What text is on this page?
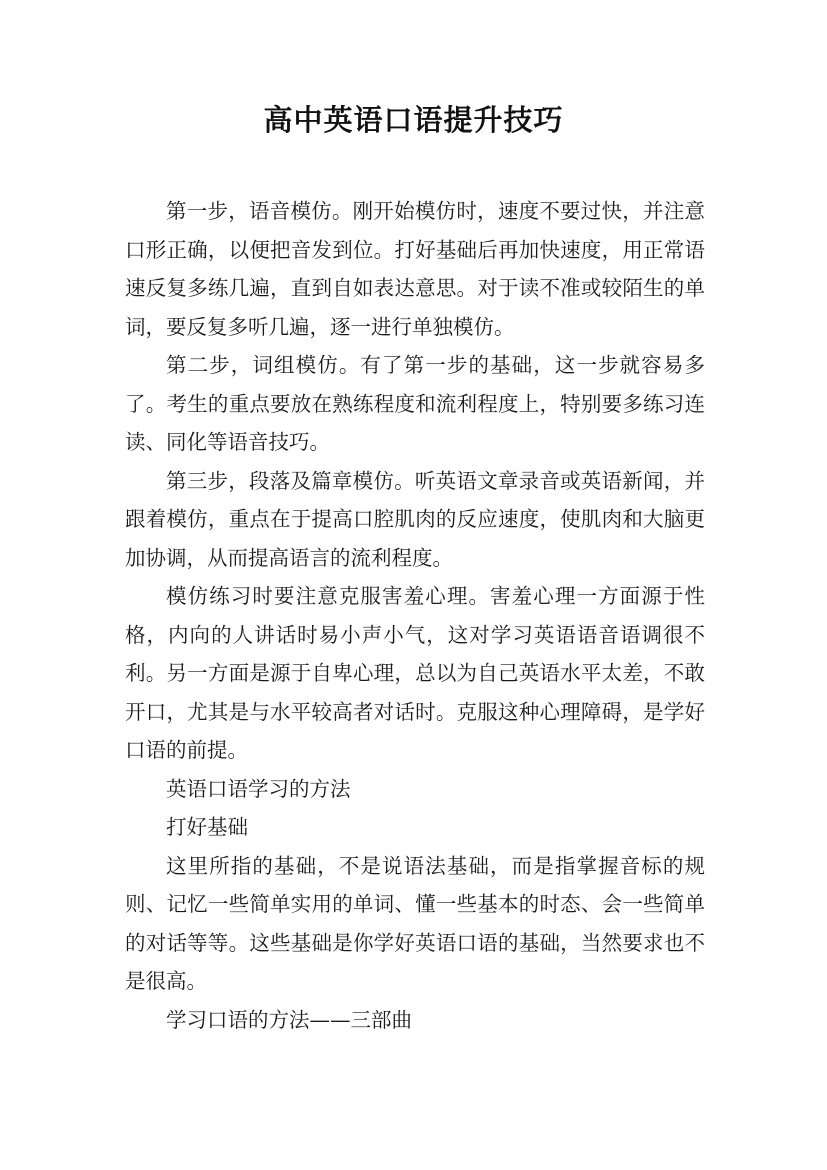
高中英语口语提升技巧

第一步，语音模仿。刚开始模仿时，速度不要过快，并注意口形正确，以便把音发到位。打好基础后再加快速度，用正常语速反复多练几遍，直到自如表达意思。对于读不准或较陌生的单词，要反复多听几遍，逐一进行单独模仿。

第二步，词组模仿。有了第一步的基础，这一步就容易多了。考生的重点要放在熟练程度和流利程度上，特别要多练习连读、同化等语音技巧。

第三步，段落及篇章模仿。听英语文章录音或英语新闻，并跟着模仿，重点在于提高口腔肌肉的反应速度，使肌肉和大脑更加协调，从而提高语言的流利程度。

模仿练习时要注意克服害羞心理。害羞心理一方面源于性格，内向的人讲话时易小声小气，这对学习英语语音语调很不利。另一方面是源于自卑心理，总以为自己英语水平太差，不敢开口，尤其是与水平较高者对话时。克服这种心理障碍，是学好口语的前提。

英语口语学习的方法

打好基础

这里所指的基础，不是说语法基础，而是指掌握音标的规则、记忆一些简单实用的单词、懂一些基本的时态、会一些简单的对话等等。这些基础是你学好英语口语的基础，当然要求也不是很高。

学习口语的方法——三部曲
